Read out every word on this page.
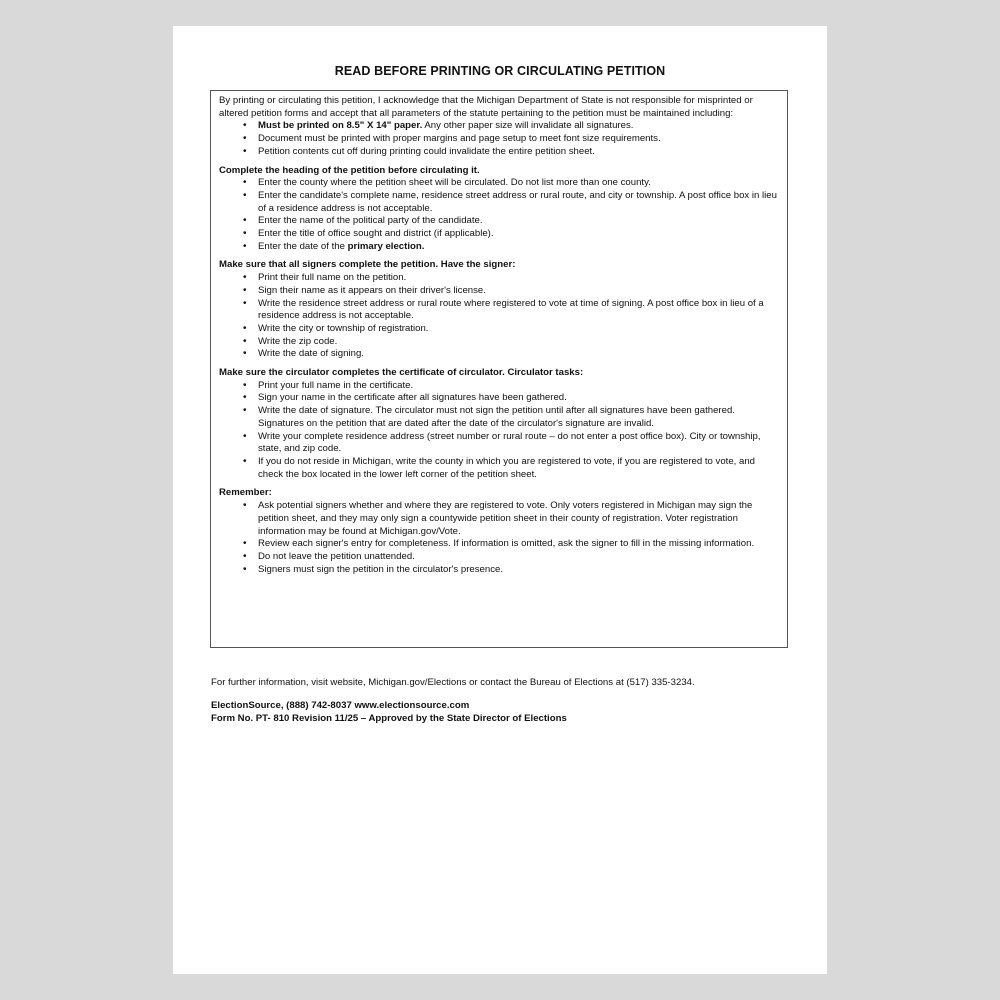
READ BEFORE PRINTING OR CIRCULATING PETITION

By printing or circulating this petition, I acknowledge that the Michigan Department of State is not responsible for misprinted or altered petition forms and accept that all parameters of the statute pertaining to the petition must be maintained including:

• Must be printed on 8.5" X 14" paper. Any other paper size will invalidate all signatures.
• Document must be printed with proper margins and page setup to meet font size requirements.
• Petition contents cut off during printing could invalidate the entire petition sheet.

Complete the heading of the petition before circulating it.

• Enter the county where the petition sheet will be circulated. Do not list more than one county.
• Enter the candidate's complete name, residence street address or rural route, and city or township. A post office box in lieu of a residence address is not acceptable.
• Enter the name of the political party of the candidate.
• Enter the title of office sought and district (if applicable).
• Enter the date of the primary election.

Make sure that all signers complete the petition. Have the signer:

• Print their full name on the petition.
• Sign their name as it appears on their driver's license.
• Write the residence street address or rural route where registered to vote at time of signing. A post office box in lieu of a residence address is not acceptable.
• Write the city or township of registration.
• Write the zip code.
• Write the date of signing.

Make sure the circulator completes the certificate of circulator. Circulator tasks:

• Print your full name in the certificate.
• Sign your name in the certificate after all signatures have been gathered.
• Write the date of signature. The circulator must not sign the petition until after all signatures have been gathered. Signatures on the petition that are dated after the date of the circulator's signature are invalid.
• Write your complete residence address (street number or rural route – do not enter a post office box). City or township, state, and zip code.
• If you do not reside in Michigan, write the county in which you are registered to vote, if you are registered to vote, and check the box located in the lower left corner of the petition sheet.

Remember:

• Ask potential signers whether and where they are registered to vote. Only voters registered in Michigan may sign the petition sheet, and they may only sign a countywide petition sheet in their county of registration. Voter registration information may be found at Michigan.gov/Vote.
• Review each signer's entry for completeness. If information is omitted, ask the signer to fill in the missing information.
• Do not leave the petition unattended.
• Signers must sign the petition in the circulator's presence.
For further information, visit website, Michigan.gov/Elections or contact the Bureau of Elections at (517) 335-3234.
ElectionSource, (888) 742-8037 www.electionsource.com
Form No. PT- 810 Revision 11/25 – Approved by the State Director of Elections
